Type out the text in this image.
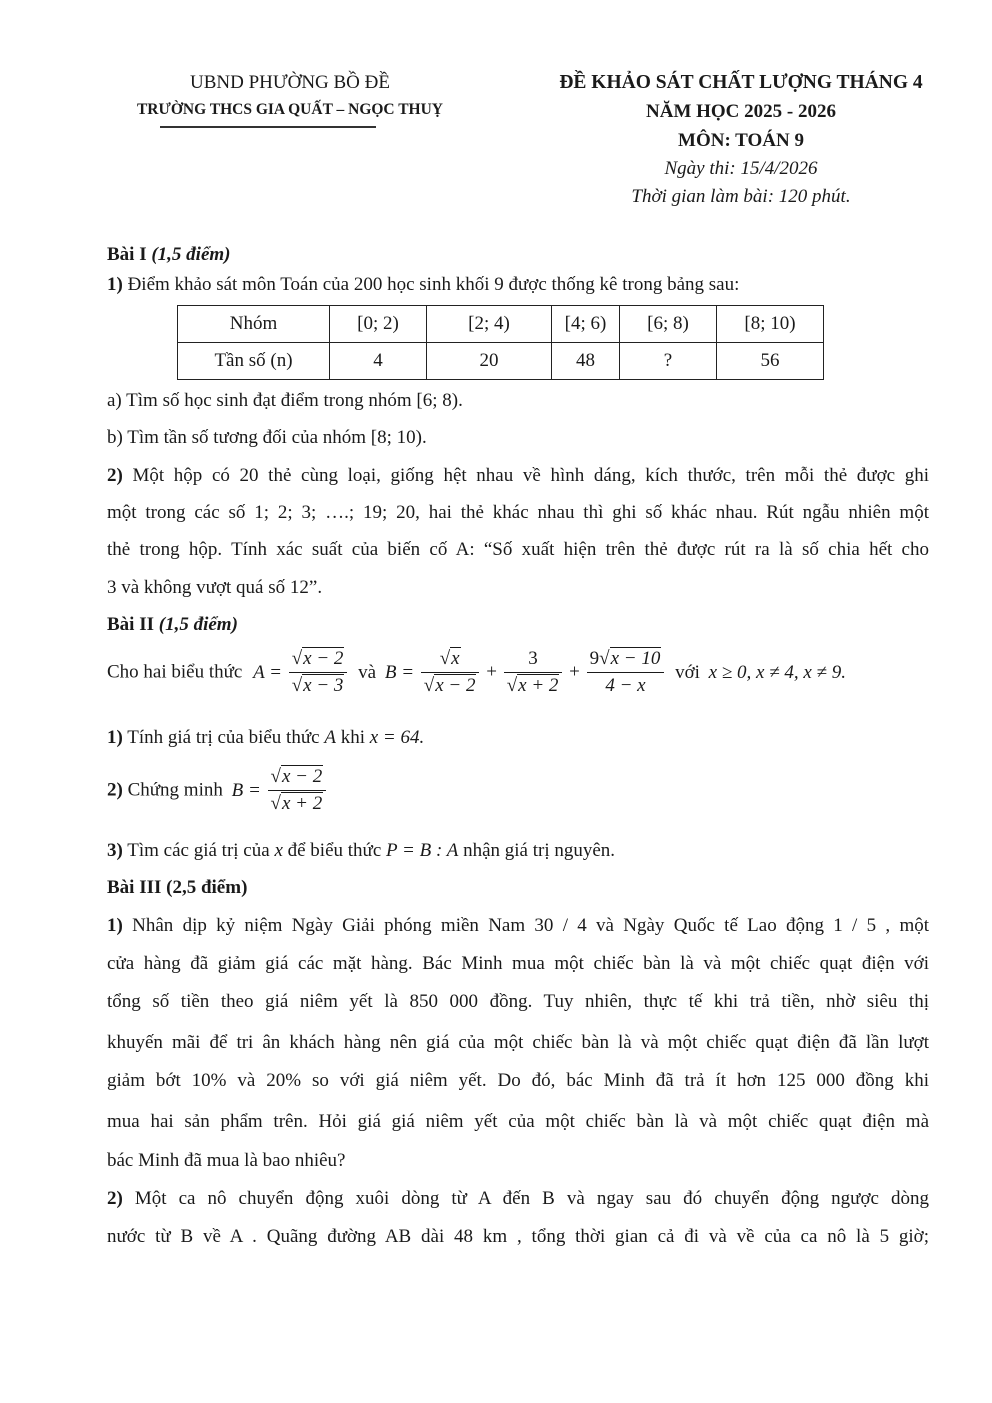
UBND PHƯỜNG BỒ ĐỀ
TRƯỜNG THCS GIA QUẤT – NGỌC THUỴ
ĐỀ KHẢO SÁT CHẤT LƯỢNG THÁNG 4
NĂM HỌC 2025 - 2026
MÔN: TOÁN 9
Ngày thi: 15/4/2026
Thời gian làm bài: 120 phút.
Bài I (1,5 điểm)
1) Điểm khảo sát môn Toán của 200 học sinh khối 9 được thống kê trong bảng sau:
Nhóm	[0; 2)	[2; 4)	[4; 6)	[6; 8)	[8; 10)
Tần số (n)	4	20	48	?	56
a) Tìm số học sinh đạt điểm trong nhóm [6; 8).
b) Tìm tần số tương đối của nhóm [8; 10).
2) Một hộp có 20 thẻ cùng loại, giống hệt nhau về hình dáng, kích thước, trên mỗi thẻ được ghi
một trong các số 1; 2; 3; ….; 19; 20, hai thẻ khác nhau thì ghi số khác nhau. Rút ngẫu nhiên một
thẻ trong hộp. Tính xác suất của biến cố A: “Số xuất hiện trên thẻ được rút ra là số chia hết cho
3 và không vượt quá số 12”.
Bài II (1,5 điểm)
Cho hai biểu thức $A = \frac{√x - 2}{√x - 3}$ và $B = \frac{√x}{√x - 2} + \frac{3}{√x + 2} + \frac{9√x - 10}{4 - x}$ với x ≥ 0, x ≠ 4, x ≠ 9.
1) Tính giá trị của biểu thức A khi x = 64.
2) Chứng minh $B = \frac{√x - 2}{√x + 2}$
3) Tìm các giá trị của x để biểu thức P = B : A nhận giá trị nguyên.
Bài III (2,5 điểm)
1) Nhân dịp kỷ niệm Ngày Giải phóng miền Nam 30 / 4 và Ngày Quốc tế Lao động 1 / 5 , một
cửa hàng đã giảm giá các mặt hàng. Bác Minh mua một chiếc bàn là và một chiếc quạt điện với
tổng số tiền theo giá niêm yết là 850 000 đồng. Tuy nhiên, thực tế khi trả tiền, nhờ siêu thị
khuyến mãi để tri ân khách hàng nên giá của một chiếc bàn là và một chiếc quạt điện đã lần lượt
giảm bớt 10% và 20% so với giá niêm yết. Do đó, bác Minh đã trả ít hơn 125 000 đồng khi
mua hai sản phẩm trên. Hỏi giá giá niêm yết của một chiếc bàn là và một chiếc quạt điện mà
bác Minh đã mua là bao nhiêu?
2) Một ca nô chuyển động xuôi dòng từ A đến B và ngay sau đó chuyển động ngược dòng
nước từ B về A . Quãng đường AB dài 48 km , tổng thời gian cả đi và về của ca nô là 5 giờ;
